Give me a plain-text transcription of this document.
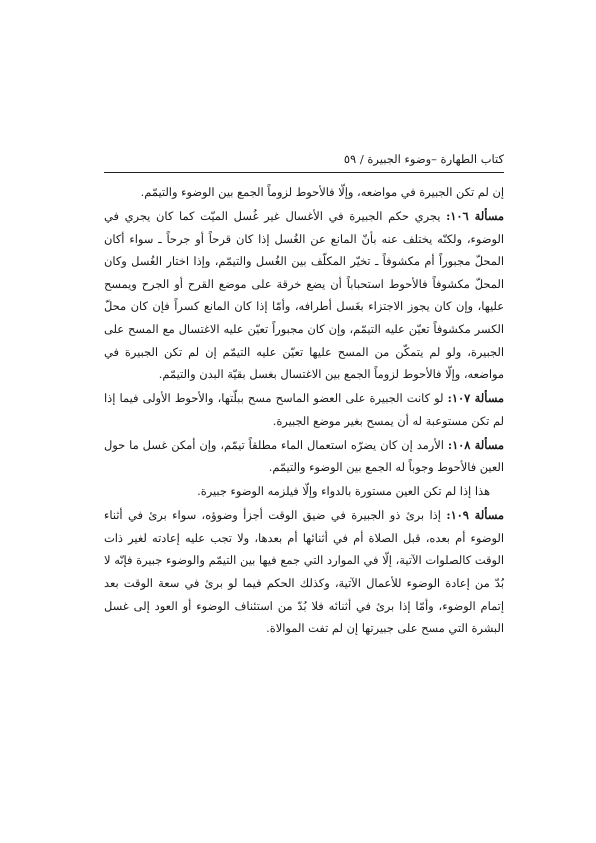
كتاب الطهارة –وضوء الجبيرة / ٥٩

إن لم تكن الجبيرة في مواضعه، وإلّا فالأحوط لزوماً الجمع بين الوضوء والتيمّم.

مسألة ١٠٦: يجري حكم الجبيرة في الأغسال غير غُسل الميّت كما كان يجري في الوضوء، ولكنّه يختلف عنه بأنّ المانع عن الغُسل إذا كان قرحاً أو جرحاً ـ سواء أكان المحلّ مجبوراً أم مكشوفاً ـ تخيّر المكلّف بين الغُسل والتيمّم، وإذا اختار الغُسل وكان المحلّ مكشوفاً فالأحوط استحباباً أن يضع خرقة على موضع القرح أو الجرح ويمسح عليها، وإن كان يجوز الاجتزاء بغَسل أطرافه، وأمّا إذا كان المانع كسراً فإن كان محلّ الكسر مكشوفاً تعيّن عليه التيمّم، وإن كان مجبوراً تعيّن عليه الاغتسال مع المسح على الجبيرة، ولو لم يتمكّن من المسح عليها تعيّن عليه التيمّم إن لم تكن الجبيرة في مواضعه، وإلّا فالأحوط لزوماً الجمع بين الاغتسال بغسل بقيّة البدن والتيمّم.

مسألة ١٠٧: لو كانت الجبيرة على العضو الماسح مسح ببلّتها، والأحوط الأولى فيما إذا لم تكن مستوعبة له أن يمسح بغير موضع الجبيرة.

مسألة ١٠٨: الأرمد إن كان يضرّه استعمال الماء مطلقاً تيمّم، وإن أمكن غسل ما حول العين فالأحوط وجوباً له الجمع بين الوضوء والتيمّم.

هذا إذا لم تكن العين مستورة بالدواء وإلّا فيلزمه الوضوء جبيرة.

مسألة ١٠٩: إذا برئ ذو الجبيرة في ضيق الوقت أجزأ وضوؤه، سواء برئ في أثناء الوضوء أم بعده، قبل الصلاة أم في أثنائها أم بعدها، ولا تجب عليه إعادته لغير ذات الوقت كالصلوات الآتية، إلّا في الموارد التي جمع فيها بين التيمّم والوضوء جبيرة فإنّه لا بُدّ من إعادة الوضوء للأعمال الآتية، وكذلك الحكم فيما لو برئ في سعة الوقت بعد إتمام الوضوء، وأمّا إذا برئ في أثنائه فلا بُدّ من استئناف الوضوء أو العود إلى غسل البشرة التي مسح على جبيرتها إن لم تفت الموالاة.
